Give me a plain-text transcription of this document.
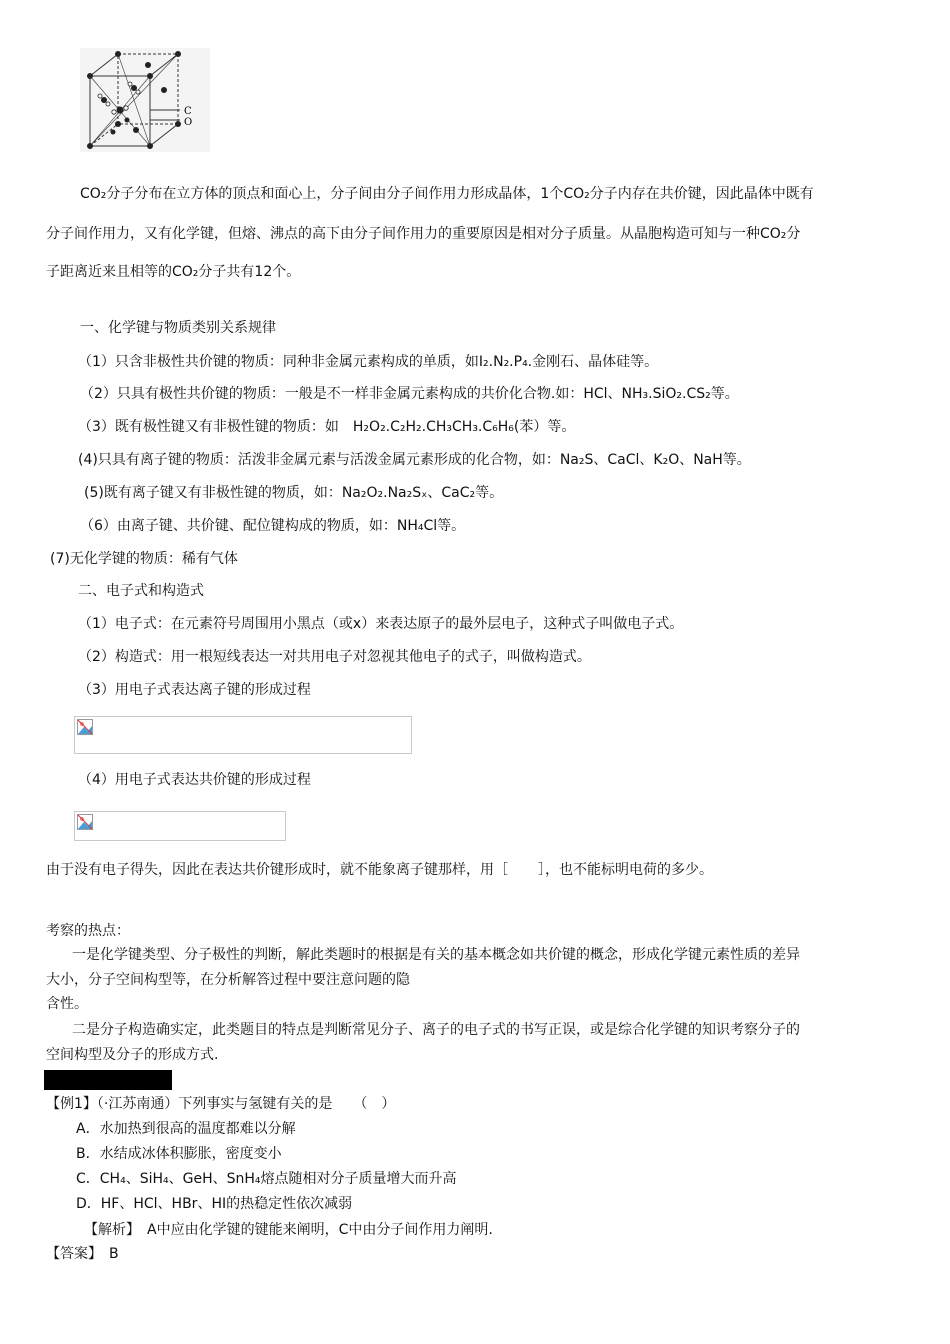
C
O
CO₂分子分布在立方体的顶点和面心上，分子间由分子间作用力形成晶体，1个CO₂分子内存在共价键，因此晶体中既有
分子间作用力，又有化学键，但熔、沸点的高下由分子间作用力的重要原因是相对分子质量。从晶胞构造可知与一种CO₂分
子距离近来且相等的CO₂分子共有12个。
一、化学键与物质类别关系规律
（1）只含非极性共价键的物质：同种非金属元素构成的单质，如I₂.N₂.P₄.金刚石、晶体硅等。
（2）只具有极性共价键的物质：一般是不一样非金属元素构成的共价化合物.如：HCl、NH₃.SiO₂.CS₂等。
（3）既有极性键又有非极性键的物质：如　H₂O₂.C₂H₂.CH₃CH₃.C₆H₆(苯）等。
(4)只具有离子键的物质：活泼非金属元素与活泼金属元素形成的化合物，如：Na₂S、CaCl、K₂O、NaH等。
(5)既有离子键又有非极性键的物质，如：Na₂O₂.Na₂Sₓ、CaC₂等。
（6）由离子键、共价键、配位键构成的物质，如：NH₄Cl等。
(7)无化学键的物质：稀有气体
二、电子式和构造式
（1）电子式：在元素符号周围用小黑点（或x）来表达原子的最外层电子，这种式子叫做电子式。
（2）构造式：用一根短线表达一对共用电子对忽视其他电子的式子，叫做构造式。
（3）用电子式表达离子键的形成过程
（4）用电子式表达共价键的形成过程
由于没有电子得失，因此在表达共价键形成时，就不能象离子键那样，用［ ］，也不能标明电荷的多少。
考察的热点：
一是化学键类型、分子极性的判断，解此类题时的根据是有关的基本概念如共价键的概念，形成化学键元素性质的差异
大小，分子空间构型等，在分析解答过程中要注意问题的隐
含性。
二是分子构造确实定，此类题目的特点是判断常见分子、离子的电子式的书写正误，或是综合化学键的知识考察分子的
空间构型及分子的形成方式.
【例1】（·江苏南通）下列事实与氢键有关的是　　（　）
A．水加热到很高的温度都难以分解
B．水结成冰体积膨胀，密度变小
C．CH₄、SiH₄、GeH、SnH₄熔点随相对分子质量增大而升高
D．HF、HCl、HBr、HI的热稳定性依次减弱
【解析】　A中应由化学键的键能来阐明，C中由分子间作用力阐明.
【答案】　B
